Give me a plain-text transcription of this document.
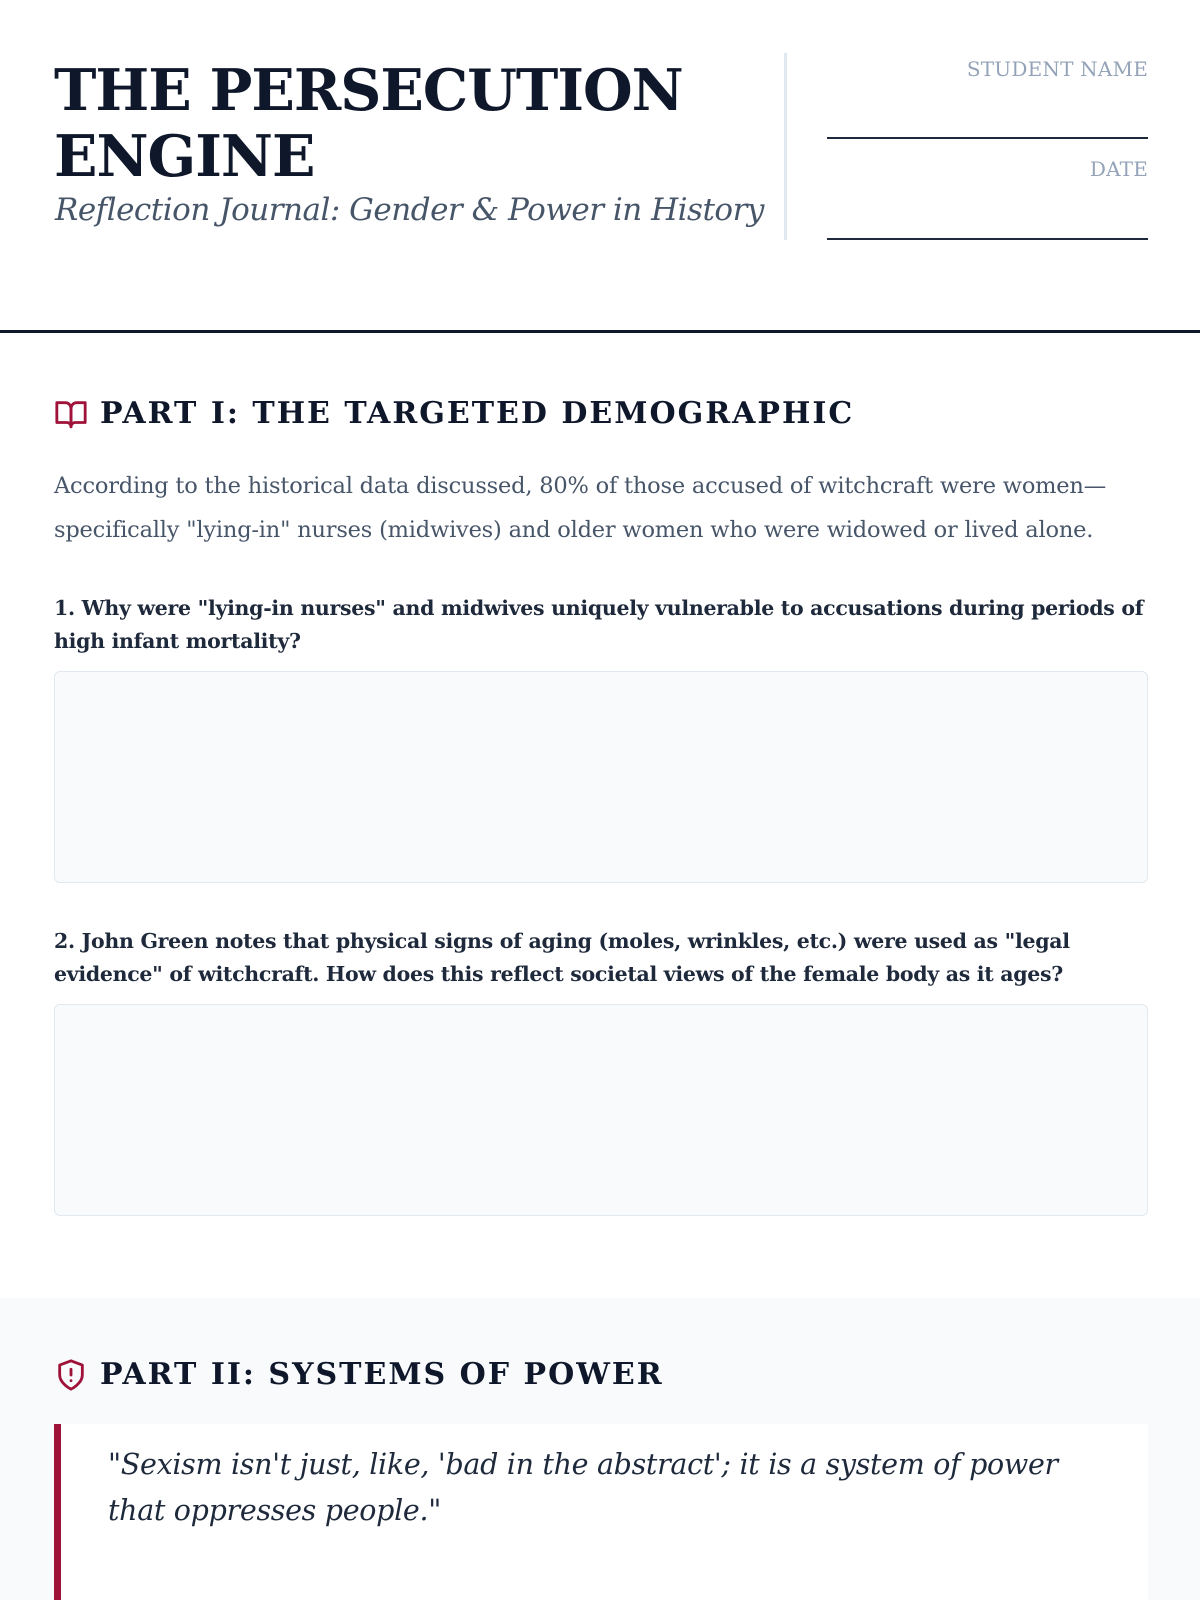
THE PERSECUTION
ENGINE
Reflection Journal: Gender & Power in History
STUDENT NAME
DATE
PART I: THE TARGETED DEMOGRAPHIC
According to the historical data discussed, 80% of those accused of witchcraft were women—specifically "lying-in" nurses (midwives) and older women who were widowed or lived alone.
1. Why were "lying-in nurses" and midwives uniquely vulnerable to accusations during periods of high infant mortality?
2. John Green notes that physical signs of aging (moles, wrinkles, etc.) were used as "legal evidence" of witchcraft. How does this reflect societal views of the female body as it ages?
PART II: SYSTEMS OF POWER
"Sexism isn't just, like, 'bad in the abstract'; it is a system of power that oppresses people."
